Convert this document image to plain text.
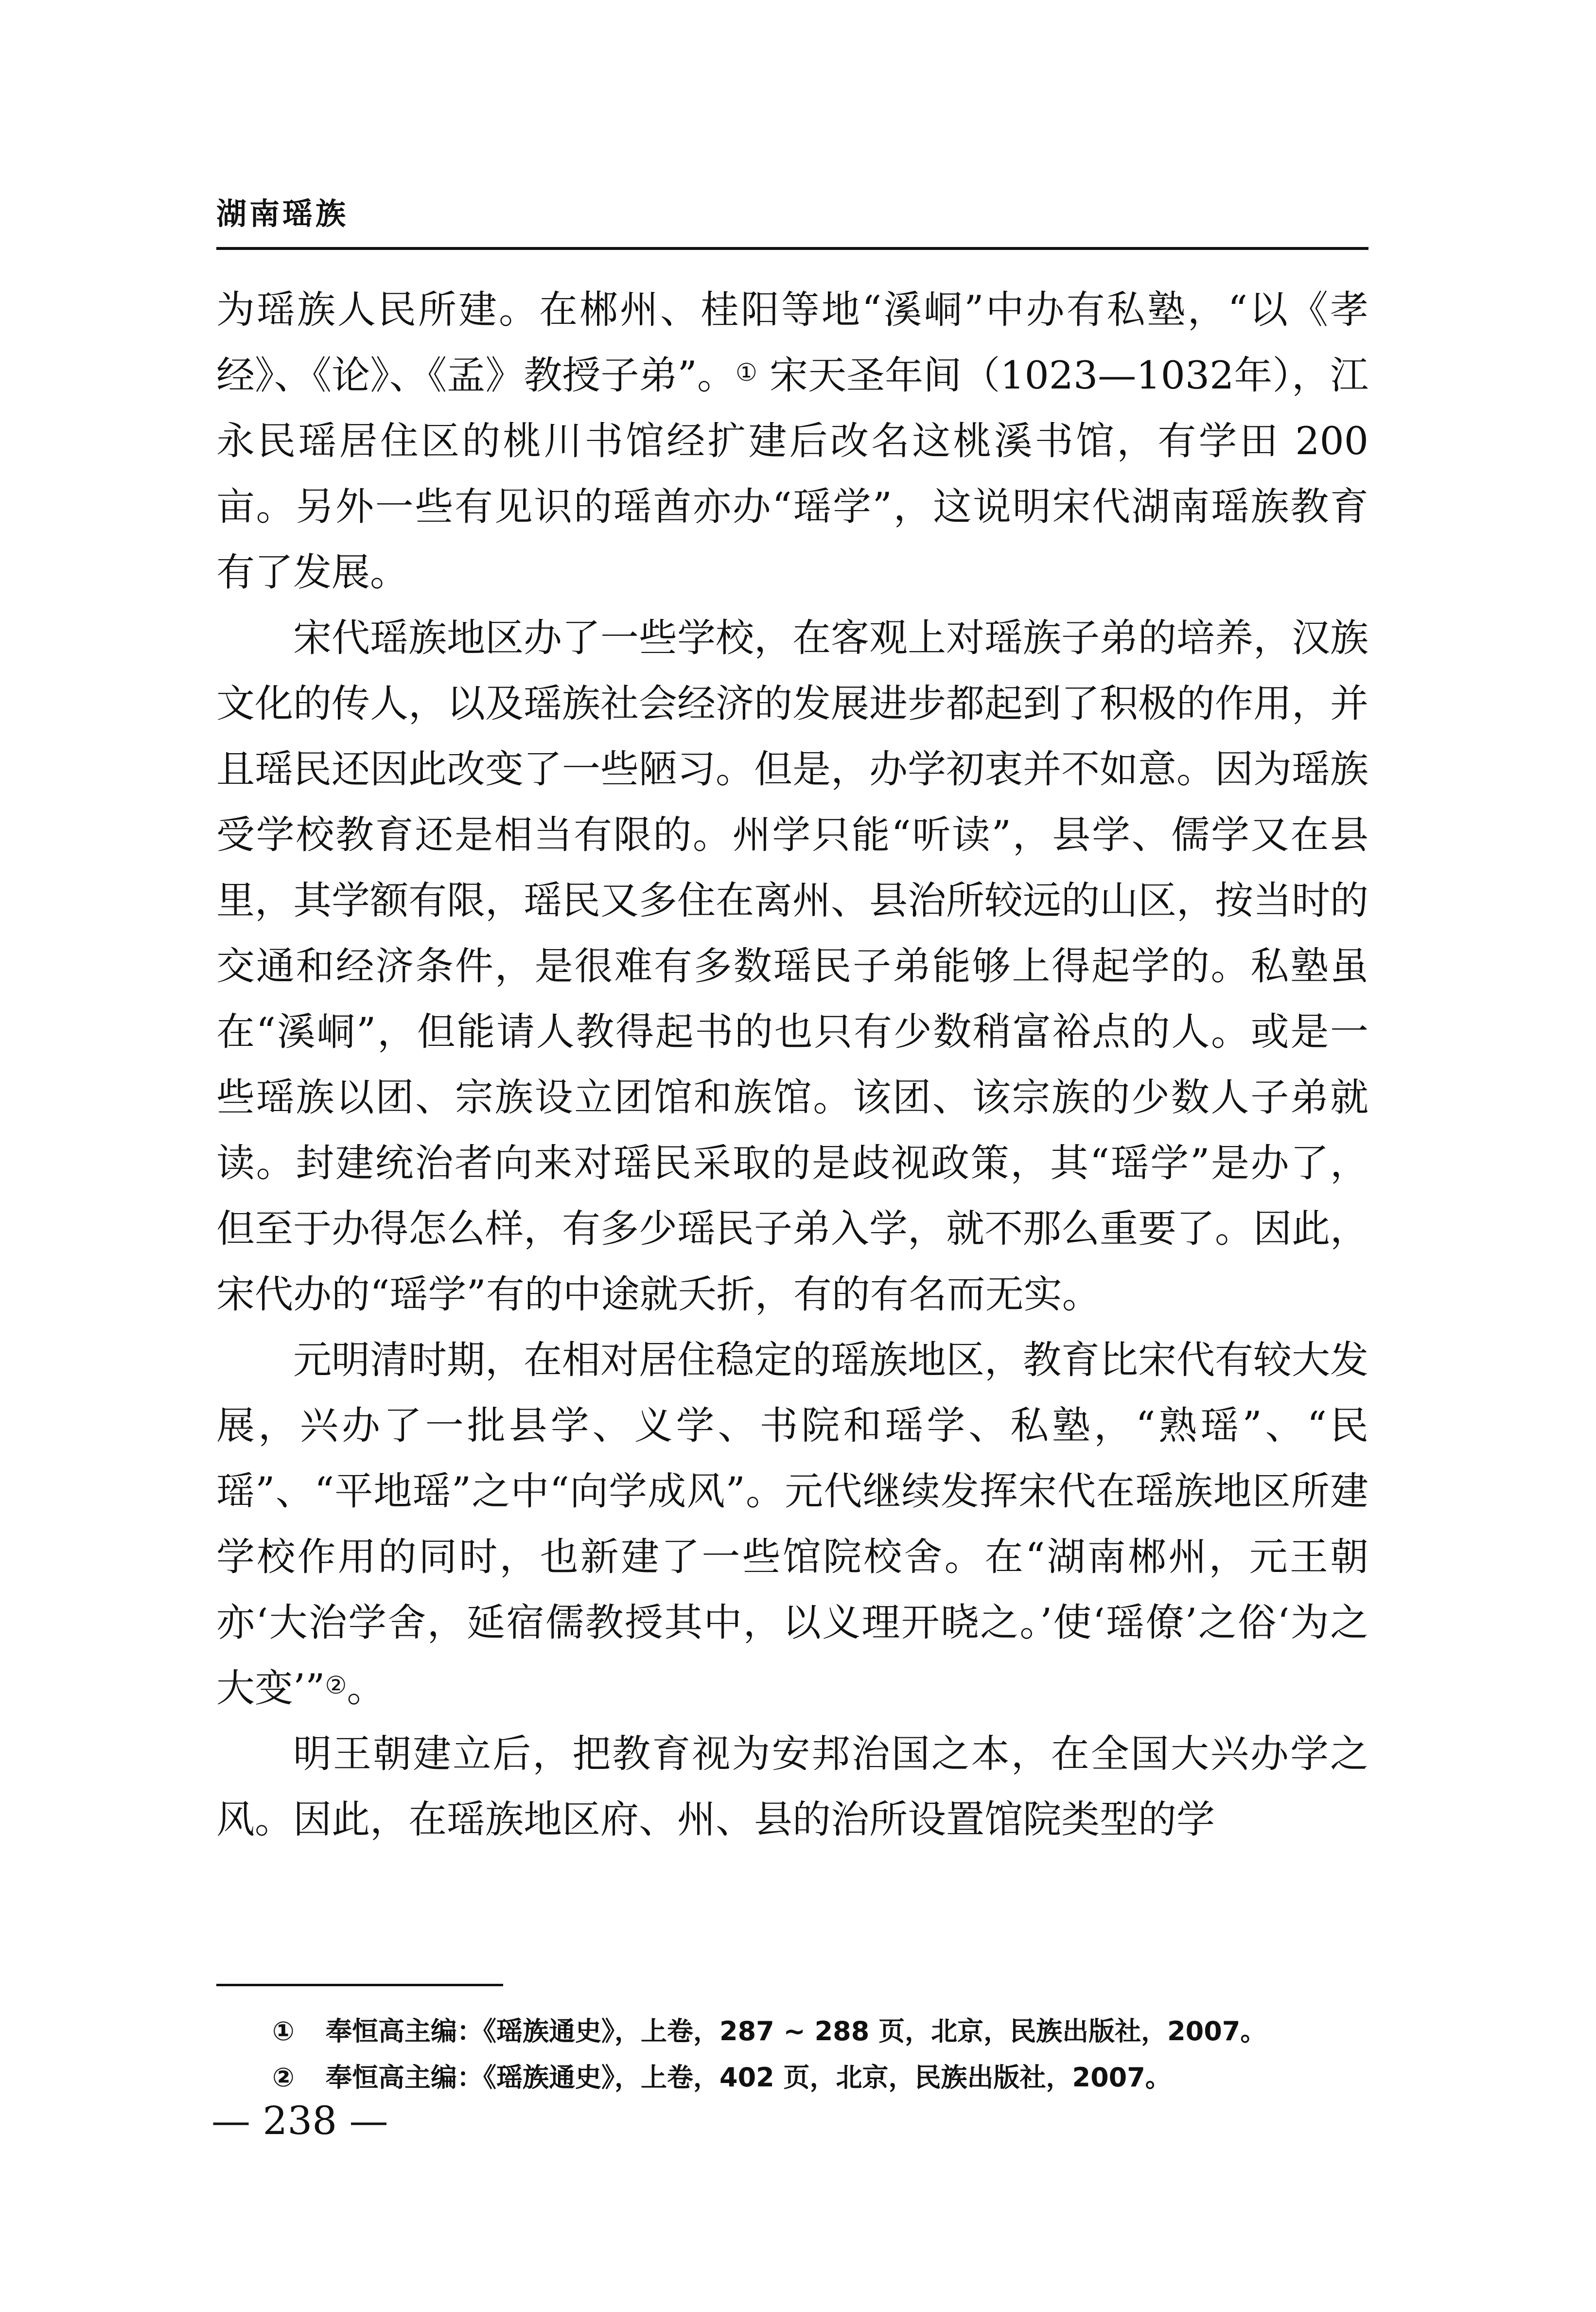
湖南瑶族

为瑶族人民所建。在郴州、桂阳等地“溪峒”中办有私塾，“以《孝经》、《论》、《孟》教授子弟”。① 宋天圣年间（1023—1032年），江永民瑶居住区的桃川书馆经扩建后改名这桃溪书馆，有学田 200 亩。另外一些有见识的瑶酋亦办“瑶学”，这说明宋代湖南瑶族教育有了发展。

宋代瑶族地区办了一些学校，在客观上对瑶族子弟的培养，汉族文化的传人，以及瑶族社会经济的发展进步都起到了积极的作用，并且瑶民还因此改变了一些陋习。但是，办学初衷并不如意。因为瑶族受学校教育还是相当有限的。州学只能“听读”，县学、儒学又在县里，其学额有限，瑶民又多住在离州、县治所较远的山区，按当时的交通和经济条件，是很难有多数瑶民子弟能够上得起学的。私塾虽在“溪峒”，但能请人教得起书的也只有少数稍富裕点的人。或是一些瑶族以团、宗族设立团馆和族馆。该团、该宗族的少数人子弟就读。封建统治者向来对瑶民采取的是歧视政策，其“瑶学”是办了，但至于办得怎么样，有多少瑶民子弟入学，就不那么重要了。因此，宋代办的“瑶学”有的中途就夭折，有的有名而无实。

元明清时期，在相对居住稳定的瑶族地区，教育比宋代有较大发展，兴办了一批县学、义学、书院和瑶学、私塾，“熟瑶”、“民瑶”、“平地瑶”之中“向学成风”。元代继续发挥宋代在瑶族地区所建学校作用的同时，也新建了一些馆院校舍。在“湖南郴州，元王朝亦‘大治学舍，延宿儒教授其中，以义理开晓之。’使‘瑶僚’之俗‘为之大变’”②。

明王朝建立后，把教育视为安邦治国之本，在全国大兴办学之风。因此，在瑶族地区府、州、县的治所设置馆院类型的学

① 奉恒高主编：《瑶族通史》，上卷，287 ~ 288 页，北京，民族出版社，2007。

② 奉恒高主编：《瑶族通史》，上卷，402 页，北京，民族出版社，2007。

— 238 —
